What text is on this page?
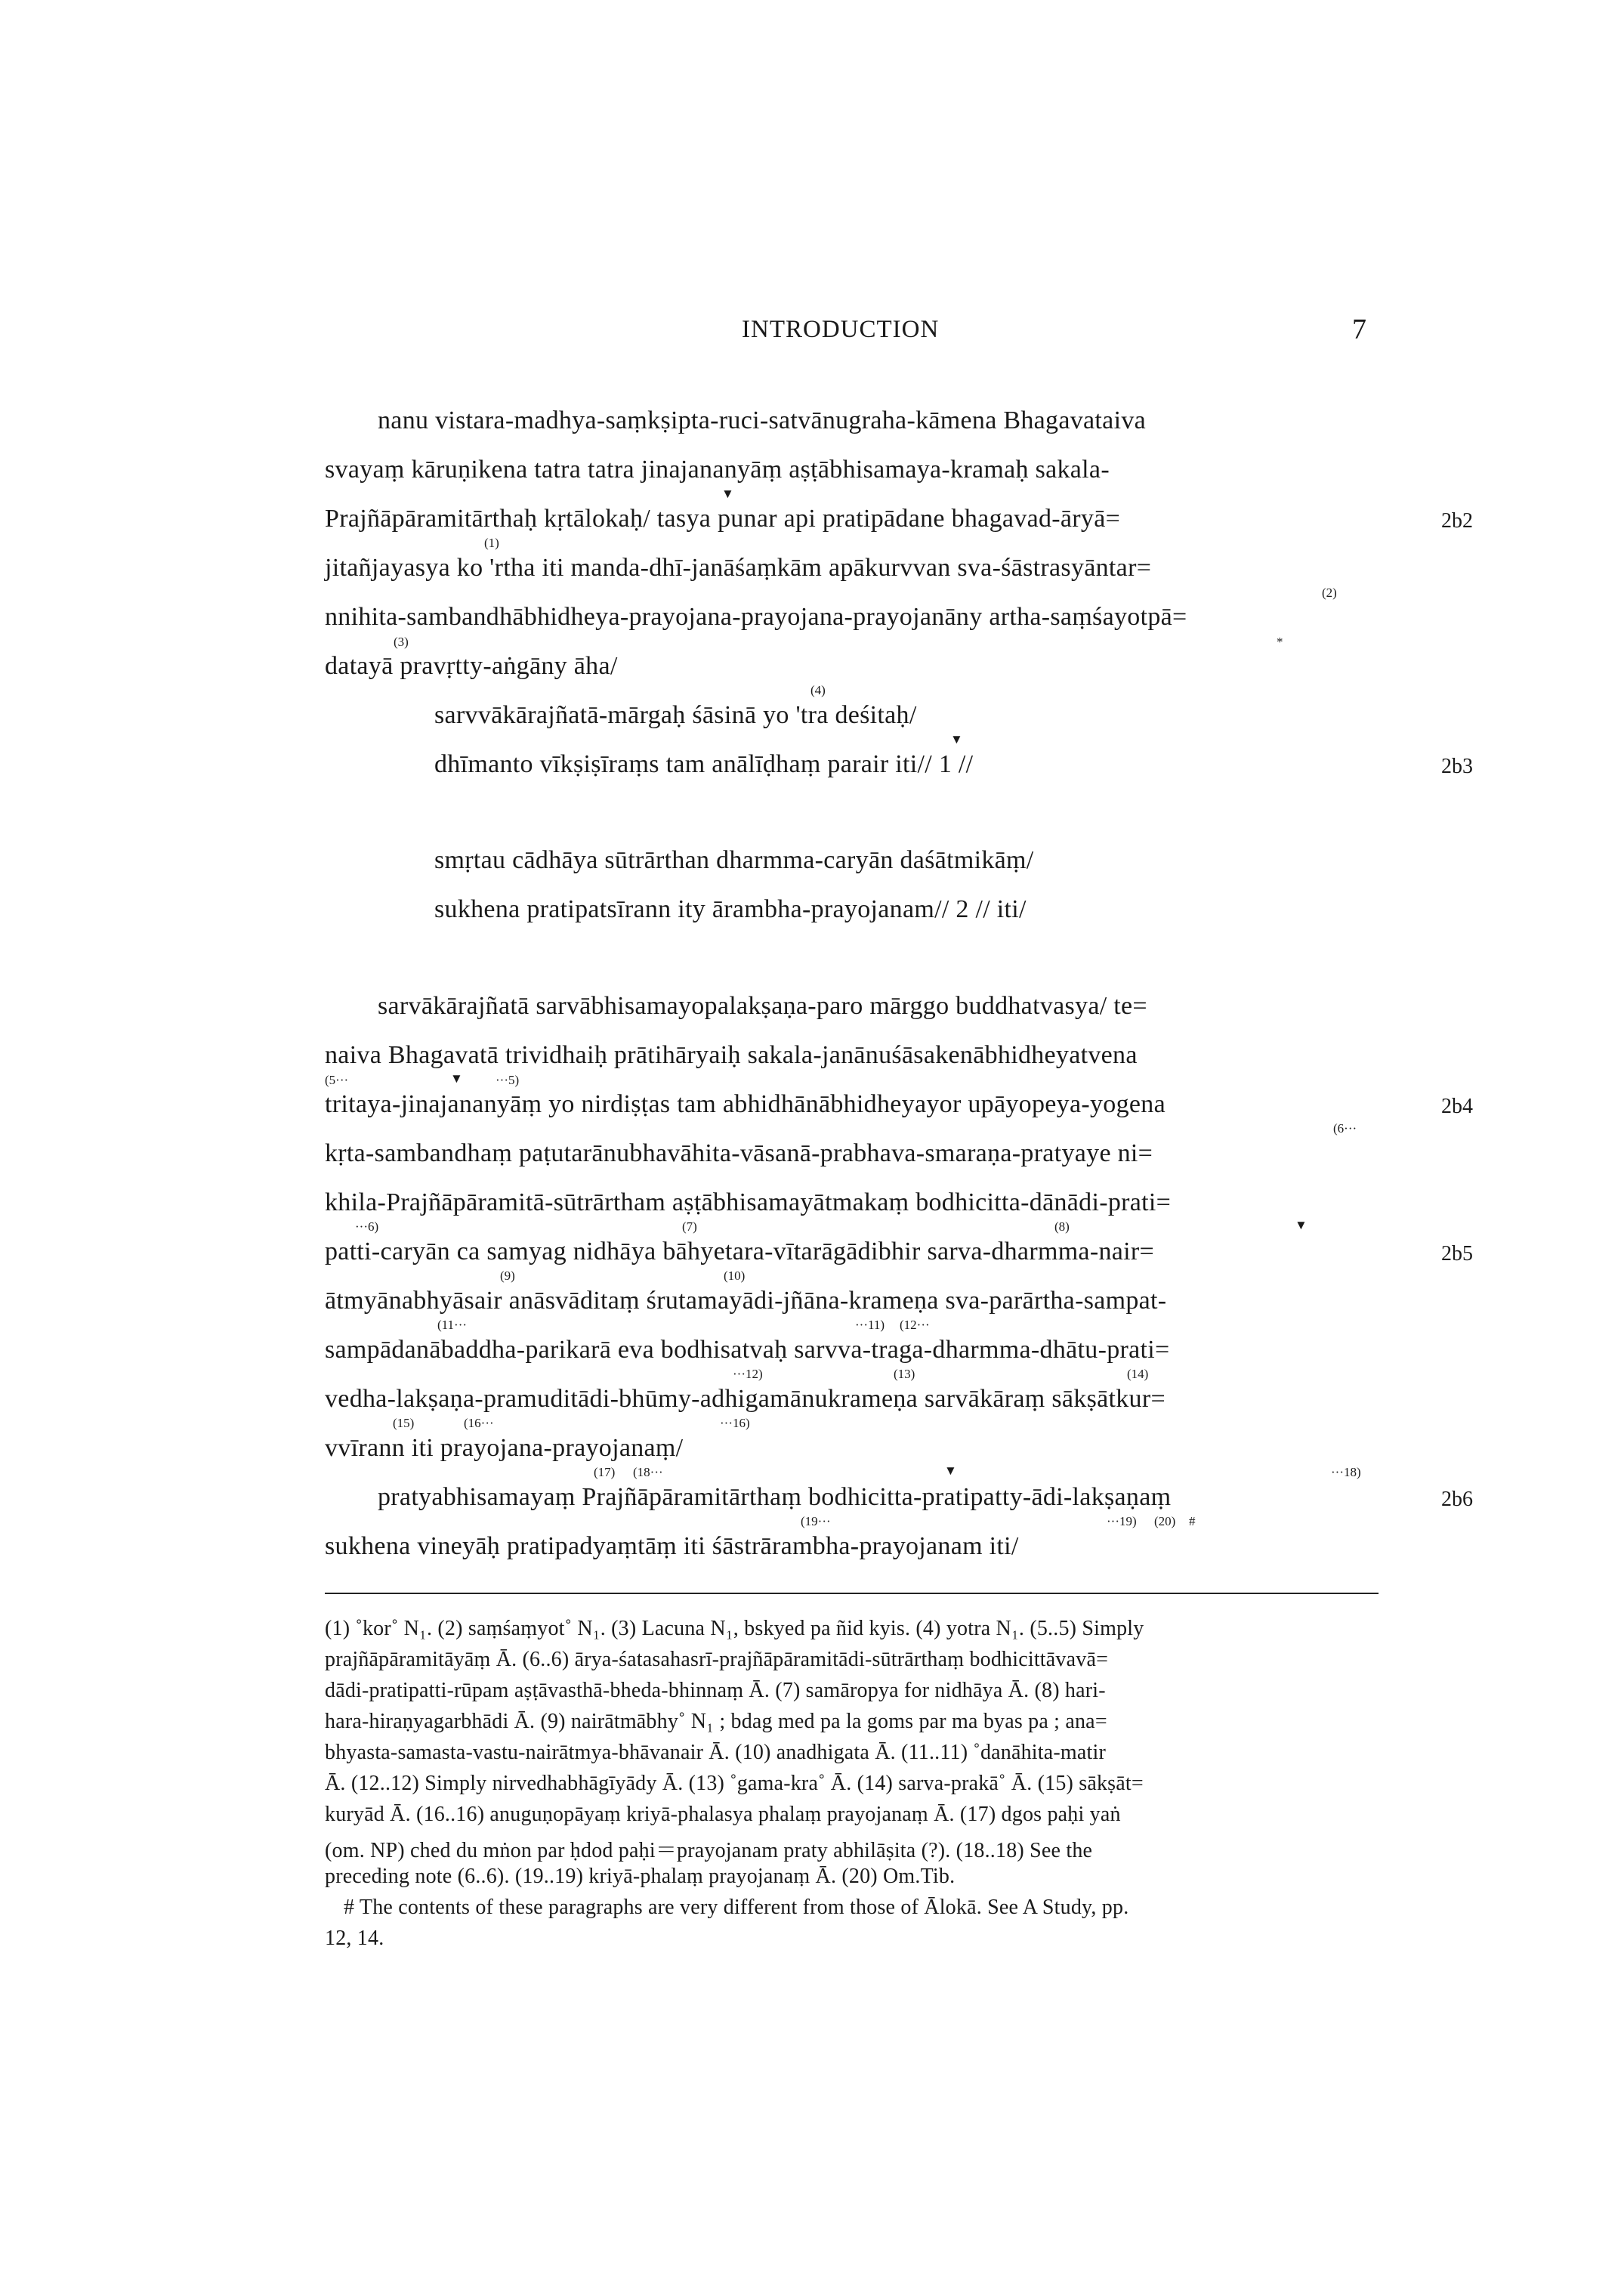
INTRODUCTION	7
nanu vistara-madhya-saṃkṣipta-ruci-satvānugraha-kāmena Bhagavataiva
svayaṃ kāruṇikena tatra tatra jinajananyāṃ aṣṭābhisamaya-kramaḥ sakala-
Prajñāpāramitārthaḥ kṛtālokaḥ/ tasya punar api pratipādane bhagavad-āryā=
jitañjayasya ko 'rtha iti manda-dhī-janāśaṃkām apākurvvan sva-śāstrasyāntar=
nnihita-sambandhābhidheya-prayojana-prayojana-prayojanāny artha-saṃśayotpā=
datayā pravṛtty-aṅgāny āha/
sarvvākārajñatā-mārgaḥ śāsinā yo 'tra deśitaḥ/
dhīmanto vīkṣiṣīraṃs tam anālīḍhaṃ parair iti// 1 //
smṛtau cādhāya sūtrārthan dharmma-caryān daśātmikāṃ/
sukhena pratipatsīrann ity ārambha-prayojanam// 2 // iti/
sarvākārajñatā sarvābhisamayopalakṣaṇa-paro mārggo buddhatvasya/ te=
naiva Bhagavatā trividhaiḥ prātihāryaiḥ sakala-janānuśāsakenābhidheyatvena
tritaya-jinajananyāṃ yo nirdiṣṭas tam abhidhānābhidheyayor upāyopeya-yogena
kṛta-sambandhaṃ paṭutarānubhavāhita-vāsanā-prabhava-smaraṇa-pratyaye ni=
khila-Prajñāpāramitā-sūtrārtham aṣṭābhisamayātmakaṃ bodhicitta-dānādi-prati=
patti-caryān ca samyag nidhāya bāhyetara-vītarāgādibhir sarva-dharmma-nair=
ātmyānabhyāsair anāsvāditaṃ śrutamayādi-jñāna-krameṇa sva-parārtha-sampat-
sampādanābaddha-parikarā eva bodhisatvaḥ sarvva-traga-dharmma-dhātu-prati=
vedha-lakṣaṇa-pramuditādi-bhūmy-adhigamānukrameṇa sarvākāraṃ sākṣātkur=
vvīrann iti prayojana-prayojanaṃ/
pratyabhisamayaṃ Prajñāpāramitārthaṃ bodhicitta-pratipatty-ādi-lakṣaṇaṃ
sukhena vineyāḥ pratipadyaṃtāṃ iti śāstrārambha-prayojanam iti/
2b2
2b3
2b4
2b5
2b6
▼
(1)
(2)
(3)	*
(4)
▼
(5···	▼	···5)
(6···
···6)	(7)	(8)	▼
(9)	(10)
(11···	···11) (12···
···12)	(13)	(14)
(15)	(16···	···16)
(17) (18···	▼	···18)
(19···	···19) (20) #
(1) ˚kor˚ N₁. (2) saṃśaṃyot˚ N₁. (3) Lacuna N₁, bskyed pa ñid kyis. (4) yotra N₁. (5..5) Simply
prajñāpāramitāyāṃ Ā. (6..6) ārya-śatasahasrī-prajñāpāramitādi-sūtrārthaṃ bodhicittāvavā=
dādi-pratipatti-rūpam aṣṭāvasthā-bheda-bhinnaṃ Ā. (7) samāropya for nidhāya Ā. (8) hari-
hara-hiraṇyagarbhādi Ā. (9) nairātmābhy˚ N₁ ; bdag med pa la goms par ma byas pa ; ana=
bhyasta-samasta-vastu-nairātmya-bhāvanair Ā. (10) anadhigata Ā. (11..11) ˚danāhita-matir
Ā. (12..12) Simply nirvedhabhāgīyādy Ā. (13) ˚gama-kra˚ Ā. (14) sarva-prakā˚ Ā. (15) sākṣāt=
kuryād Ā. (16..16) anuguṇopāyaṃ kriyā-phalasya phalaṃ prayojanaṃ Ā. (17) dgos paḥi yaṅ
(om. NP) ched du mṅon par ḥdod paḥi＝prayojanam praty abhilāṣita (?). (18..18) See the
preceding note (6..6). (19..19) kriyā-phalaṃ prayojanaṃ Ā. (20) Om.Tib.
# The contents of these paragraphs are very different from those of Ālokā. See A Study, pp.
12, 14.
